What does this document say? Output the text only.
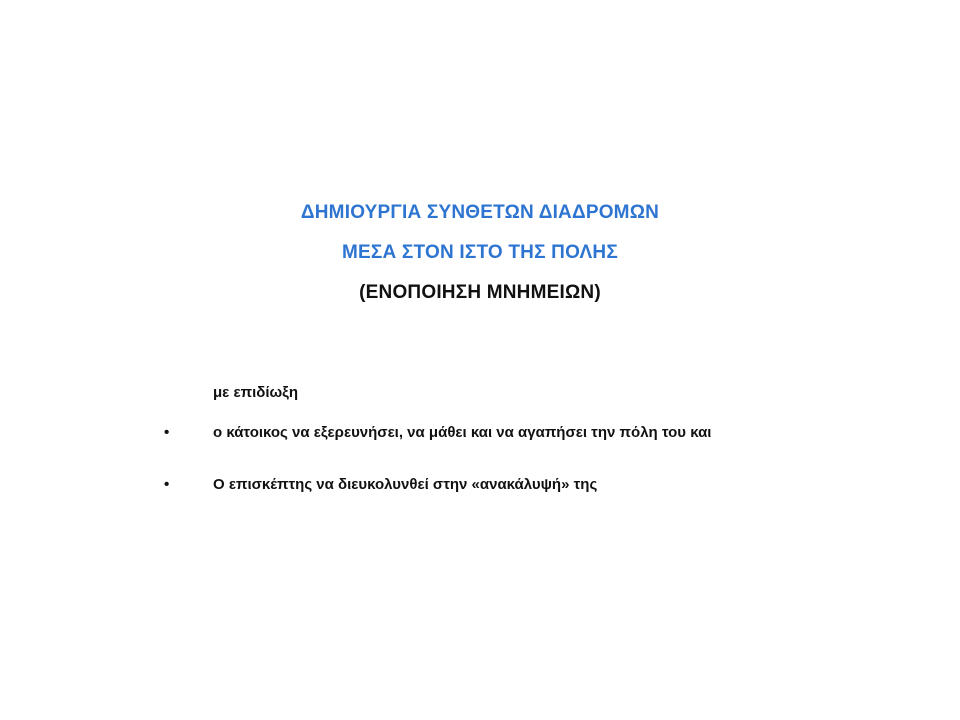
ΔΗΜΙΟΥΡΓΙΑ ΣΥΝΘΕΤΩΝ ΔΙΑΔΡΟΜΩΝ
ΜΕΣΑ ΣΤΟΝ ΙΣΤΟ ΤΗΣ ΠΟΛΗΣ
(ΕΝΟΠΟΙΗΣΗ ΜΝΗΜΕΙΩΝ)
με επιδίωξη
•	ο κάτοικος να εξερευνήσει, να μάθει και να αγαπήσει την πόλη του και
•	Ο επισκέπτης να διευκολυνθεί στην «ανακάλυψή» της
